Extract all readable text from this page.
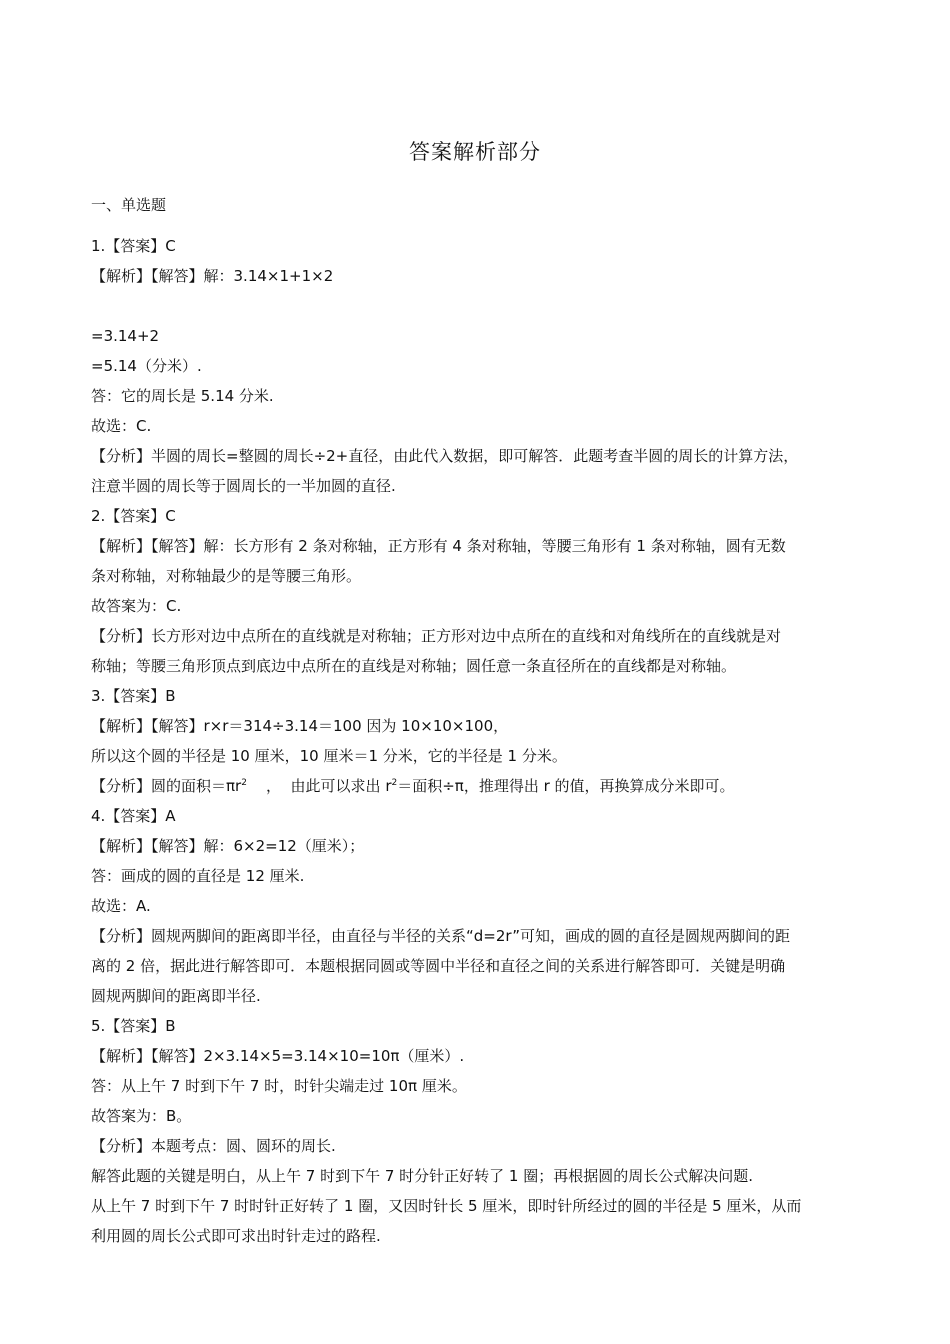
答案解析部分
一、单选题
1.【答案】C
【解析】【解答】解：3.14×1+1×2
=3.14+2
=5.14（分米）.
答：它的周长是 5.14 分米.
故选：C.
【分析】半圆的周长=整圆的周长÷2+直径，由此代入数据，即可解答．此题考查半圆的周长的计算方法，
注意半圆的周长等于圆周长的一半加圆的直径.
2.【答案】C
【解析】【解答】解：长方形有 2 条对称轴，正方形有 4 条对称轴，等腰三角形有 1 条对称轴，圆有无数
条对称轴，对称轴最少的是等腰三角形。
故答案为：C.
【分析】长方形对边中点所在的直线就是对称轴；正方形对边中点所在的直线和对角线所在的直线就是对
称轴；等腰三角形顶点到底边中点所在的直线是对称轴；圆任意一条直径所在的直线都是对称轴。
3.【答案】B
【解析】【解答】r×r＝314÷3.14＝100 因为 10×10×100，
所以这个圆的半径是 10 厘米，10 厘米＝1 分米，它的半径是 1 分米。
【分析】圆的面积$=\pi r^2$    ，  由此可以求出 $r^2=$面积÷π，推理得出 r 的值，再换算成分米即可。
4.【答案】A
【解析】【解答】解：6×2=12（厘米）；
答：画成的圆的直径是 12 厘米.
故选：A.
【分析】圆规两脚间的距离即半径，由直径与半径的关系“d=2r”可知，画成的圆的直径是圆规两脚间的距
离的 2 倍，据此进行解答即可．本题根据同圆或等圆中半径和直径之间的关系进行解答即可．关键是明确
圆规两脚间的距离即半径.
5.【答案】B
【解析】【解答】2×3.14×5=3.14×10=10π（厘米）.
答：从上午 7 时到下午 7 时，时针尖端走过 10π 厘米。
故答案为：B。
【分析】本题考点：圆、圆环的周长.
解答此题的关键是明白，从上午 7 时到下午 7 时分针正好转了 1 圈；再根据圆的周长公式解决问题.
从上午 7 时到下午 7 时时针正好转了 1 圈，又因时针长 5 厘米，即时针所经过的圆的半径是 5 厘米，从而
利用圆的周长公式即可求出时针走过的路程.
